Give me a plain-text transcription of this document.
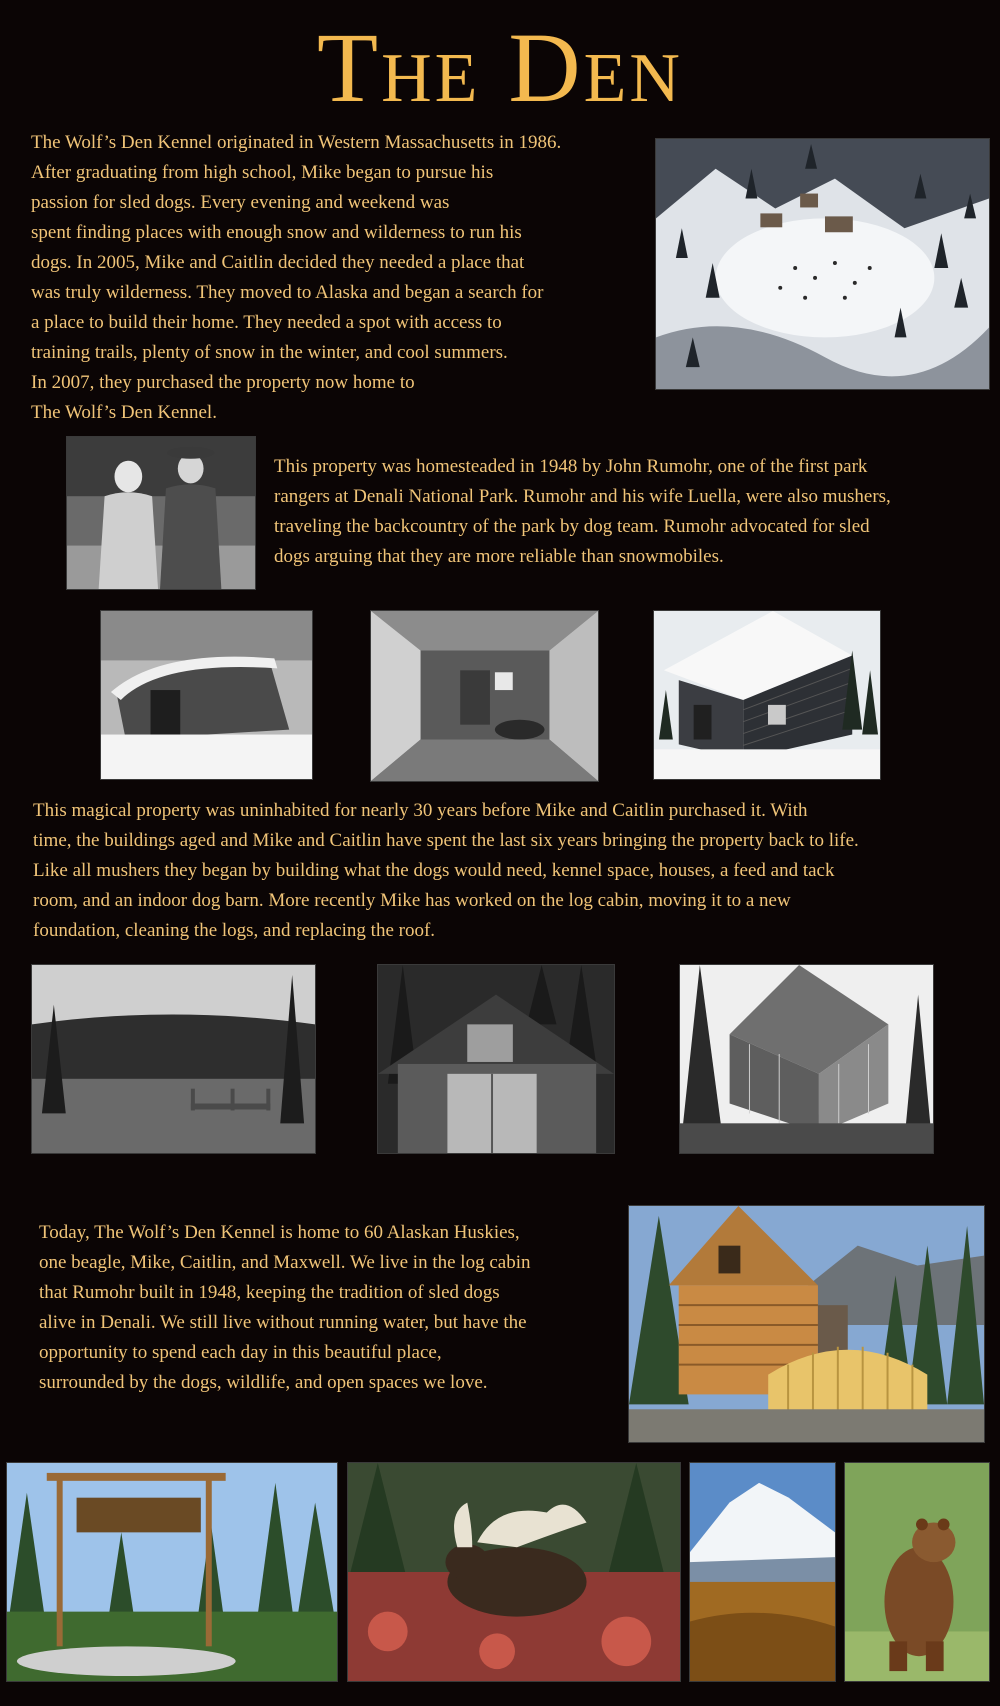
The Den

The Wolf’s Den Kennel originated in Western Massachusetts in 1986.
After graduating from high school, Mike began to pursue his
passion for sled dogs. Every evening and weekend was
spent finding places with enough snow and wilderness to run his
dogs. In 2005, Mike and Caitlin decided they needed a place that
was truly wilderness. They moved to Alaska and began a search for
a place to build their home. They needed a spot with access to
training trails, plenty of snow in the winter, and cool summers.
In 2007, they purchased the property now home to
The Wolf’s Den Kennel.

This property was homesteaded in 1948 by John Rumohr, one of the first park
rangers at Denali National Park. Rumohr and his wife Luella, were also mushers,
traveling the backcountry of the park by dog team. Rumohr advocated for sled
dogs arguing that they are more reliable than snowmobiles.

This magical property was uninhabited for nearly 30 years before Mike and Caitlin purchased it. With
time, the buildings aged and Mike and Caitlin have spent the last six years bringing the property back to life.
Like all mushers they began by building what the dogs would need, kennel space, houses, a feed and tack
room, and an indoor dog barn. More recently Mike has worked on the log cabin, moving it to a new
foundation, cleaning the logs, and replacing the roof.

Today, The Wolf’s Den Kennel is home to 60 Alaskan Huskies,
one beagle, Mike, Caitlin, and Maxwell. We live in the log cabin
that Rumohr built in 1948, keeping the tradition of sled dogs
alive in Denali. We still live without running water, but have the
opportunity to spend each day in this beautiful place,
surrounded by the dogs, wildlife, and open spaces we love.
